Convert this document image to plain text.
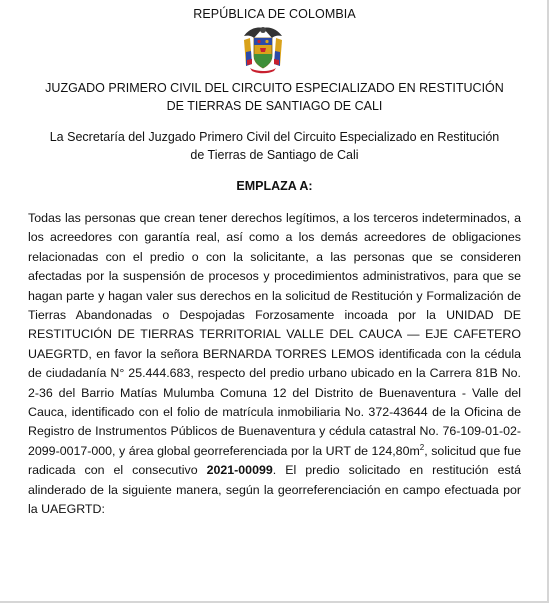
REPÚBLICA DE COLOMBIA
JUZGADO PRIMERO CIVIL DEL CIRCUITO ESPECIALIZADO EN RESTITUCIÓN
DE TIERRAS DE SANTIAGO DE CALI
La Secretaría del Juzgado Primero Civil del Circuito Especializado en Restitución
de Tierras de Santiago de Cali
EMPLAZA A:

Todas las personas que crean tener derechos legítimos, a los terceros indeterminados, a los acreedores con garantía real, así como a los demás acreedores de obligaciones relacionadas con el predio o con la solicitante, a las personas que se consideren afectadas por la suspensión de procesos y procedimientos administrativos, para que se hagan parte y hagan valer sus derechos en la solicitud de Restitución y Formalización de Tierras Abandonadas o Despojadas Forzosamente incoada por la UNIDAD DE RESTITUCIÓN DE TIERRAS TERRITORIAL VALLE DEL CAUCA — EJE CAFETERO UAEGRTD, en favor la señora BERNARDA TORRES LEMOS identificada con la cédula de ciudadanía N° 25.444.683, respecto del predio urbano ubicado en la Carrera 81B No. 2-36 del Barrio Matías Mulumba Comuna 12 del Distrito de Buenaventura - Valle del Cauca, identificado con el folio de matrícula inmobiliaria No. 372-43644 de la Oficina de Registro de Instrumentos Públicos de Buenaventura y cédula catastral No. 76-109-01-02-2099-0017-000, y área global georreferenciada por la URT de $124,80m^2$, solicitud que fue radicada con el consecutivo 2021-00099. El predio solicitado en restitución está alinderado de la siguiente manera, según la georreferenciación en campo efectuada por la UAEGRTD:
